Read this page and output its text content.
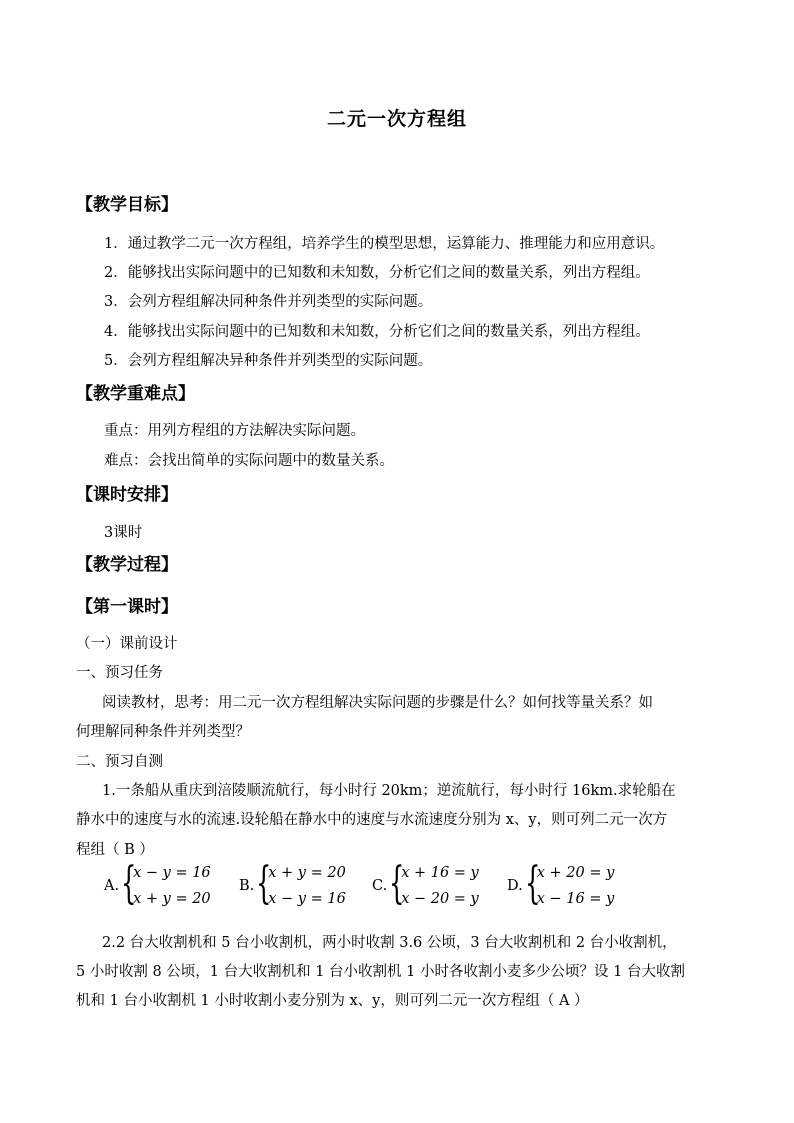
二元一次方程组
【教学目标】
1．通过教学二元一次方程组，培养学生的模型思想，运算能力、推理能力和应用意识。
2．能够找出实际问题中的已知数和未知数，分析它们之间的数量关系，列出方程组。
3．会列方程组解决同种条件并列类型的实际问题。
4．能够找出实际问题中的已知数和未知数，分析它们之间的数量关系，列出方程组。
5．会列方程组解决异种条件并列类型的实际问题。
【教学重难点】
重点：用列方程组的方法解决实际问题。
难点：会找出简单的实际问题中的数量关系。
【课时安排】
3课时
【教学过程】
【第一课时】
（一）课前设计
一、预习任务
阅读教材，思考：用二元一次方程组解决实际问题的步骤是什么？如何找等量关系？如
何理解同种条件并列类型？
二、预习自测
1.一条船从重庆到涪陵顺流航行，每小时行 20km；逆流航行，每小时行 16km.求轮船在
静水中的速度与水的流速.设轮船在静水中的速度与水流速度分别为 x、y，则可列二元一次方
程组（ B ）
A. {
x − y = 16
x + y = 20
B. {
x + y = 20
x − y = 16
C. {
x + 16 = y
x − 20 = y
D. {
x + 20 = y
x − 16 = y
2.2 台大收割机和 5 台小收割机，两小时收割 3.6 公顷，3 台大收割机和 2 台小收割机，
5 小时收割 8 公顷，1 台大收割机和 1 台小收割机 1 小时各收割小麦多少公顷？设 1 台大收割
机和 1 台小收割机 1 小时收割小麦分别为 x、y，则可列二元一次方程组（ A ）
